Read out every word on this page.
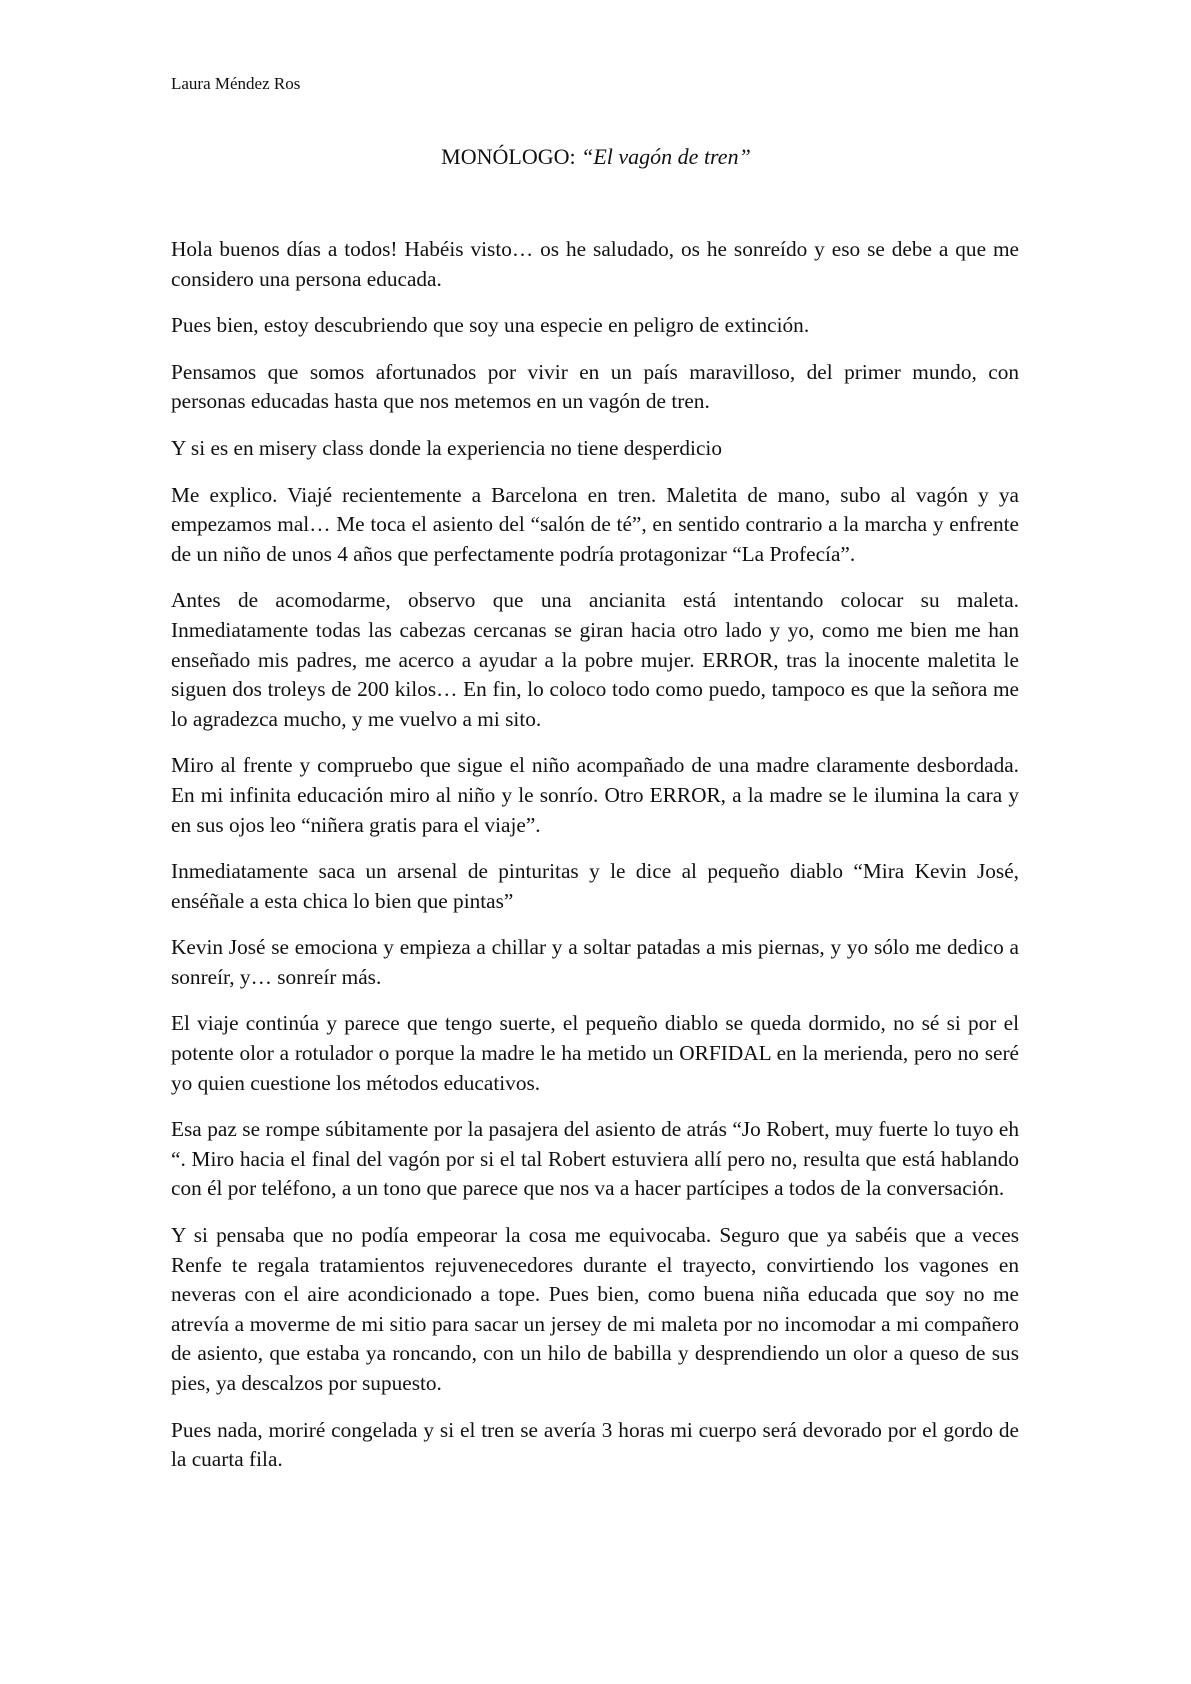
Laura Méndez Ros
MONÓLOGO: “El vagón de tren”

Hola buenos días a todos! Habéis visto… os he saludado, os he sonreído y eso se debe a que me considero una persona educada.

Pues bien, estoy descubriendo que soy una especie en peligro de extinción.

Pensamos que somos afortunados por vivir en un país maravilloso, del primer mundo, con personas educadas hasta que nos metemos en un vagón de tren.

Y si es en misery class donde la experiencia no tiene desperdicio

Me explico. Viajé recientemente a Barcelona en tren. Maletita de mano, subo al vagón y ya empezamos mal… Me toca el asiento del “salón de té”, en sentido contrario a la marcha y enfrente de un niño de unos 4 años que perfectamente podría protagonizar “La Profecía”.

Antes de acomodarme, observo que una ancianita está intentando colocar su maleta. Inmediatamente todas las cabezas cercanas se giran hacia otro lado y yo, como me bien me han enseñado mis padres, me acerco a ayudar a la pobre mujer. ERROR, tras la inocente maletita le siguen dos troleys de 200 kilos… En fin, lo coloco todo como puedo, tampoco es que la señora me lo agradezca mucho, y me vuelvo a mi sito.

Miro al frente y compruebo que sigue el niño acompañado de una madre claramente desbordada. En mi infinita educación miro al niño y le sonrío. Otro ERROR, a la madre se le ilumina la cara y en sus ojos leo “niñera gratis para el viaje”.

Inmediatamente saca un arsenal de pinturitas y le dice al pequeño diablo “Mira Kevin José, enséñale a esta chica lo bien que pintas”

Kevin José se emociona y empieza a chillar y a soltar patadas a mis piernas, y yo sólo me dedico a sonreír, y… sonreír más.

El viaje continúa y parece que tengo suerte, el pequeño diablo se queda dormido, no sé si por el potente olor a rotulador o porque la madre le ha metido un ORFIDAL en la merienda, pero no seré yo quien cuestione los métodos educativos.

Esa paz se rompe súbitamente por la pasajera del asiento de atrás “Jo Robert, muy fuerte lo tuyo eh “. Miro hacia el final del vagón por si el tal Robert estuviera allí pero no, resulta que está hablando con él por teléfono, a un tono que parece que nos va a hacer partícipes a todos de la conversación.

Y si pensaba que no podía empeorar la cosa me equivocaba. Seguro que ya sabéis que a veces Renfe te regala tratamientos rejuvenecedores durante el trayecto, convirtiendo los vagones en neveras con el aire acondicionado a tope. Pues bien, como buena niña educada que soy no me atrevía a moverme de mi sitio para sacar un jersey de mi maleta por no incomodar a mi compañero de asiento, que estaba ya roncando, con un hilo de babilla y desprendiendo un olor a queso de sus pies, ya descalzos por supuesto.

Pues nada, moriré congelada y si el tren se avería 3 horas mi cuerpo será devorado por el gordo de la cuarta fila.
